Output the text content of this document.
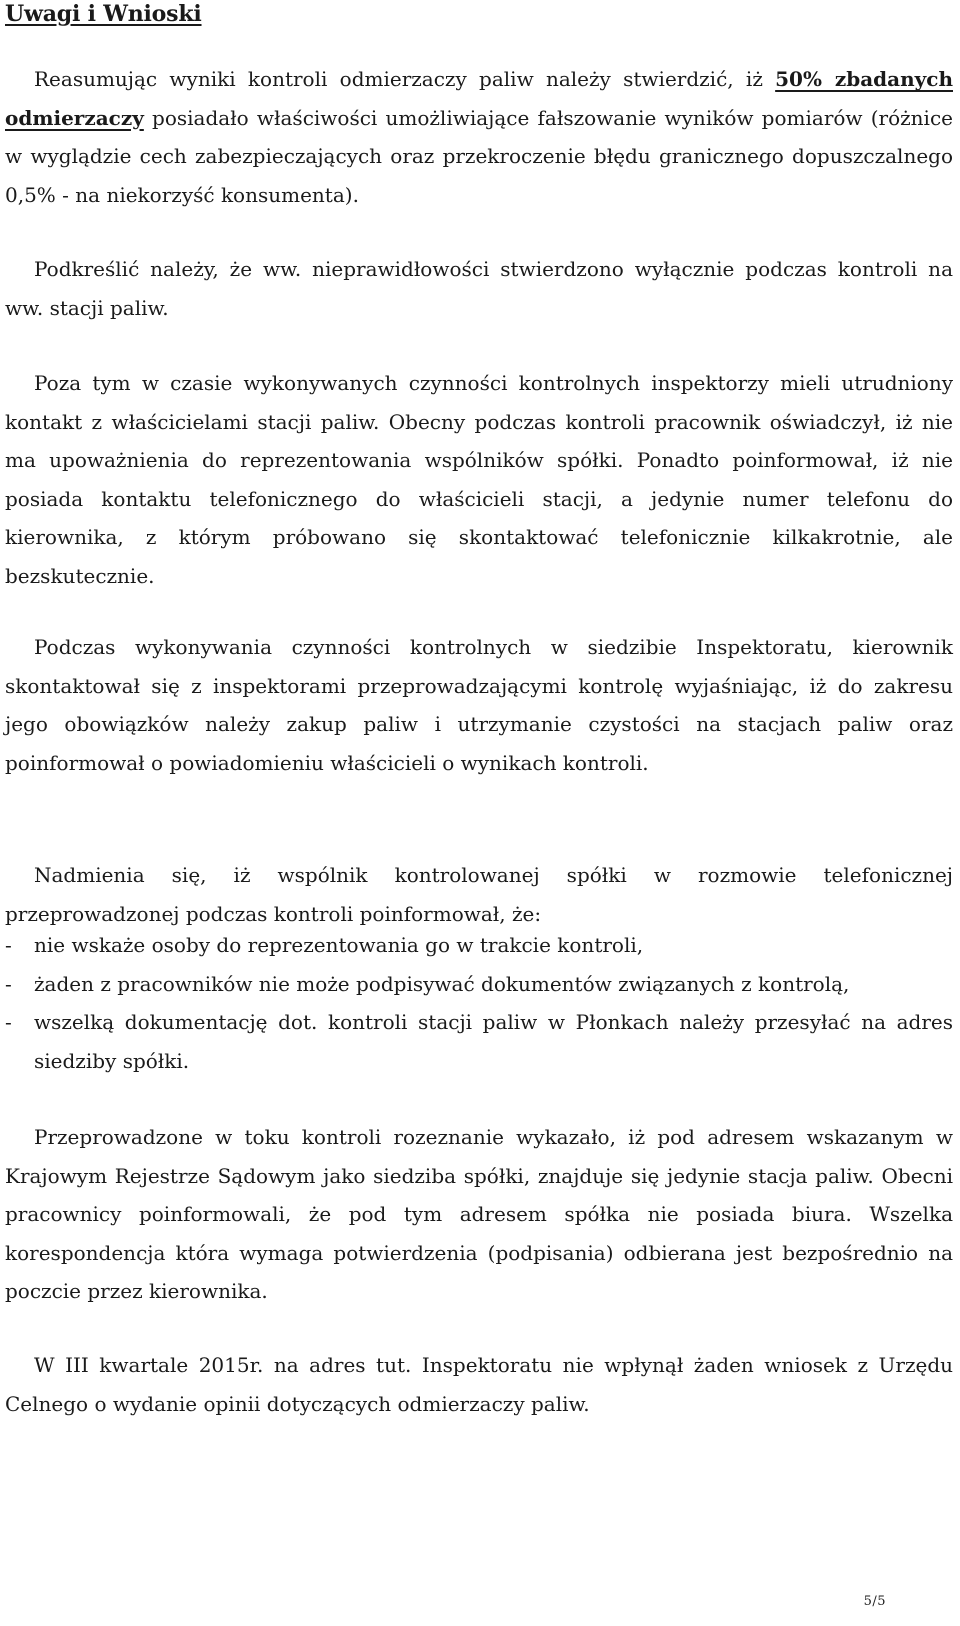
Uwagi i Wnioski

Reasumując wyniki kontroli odmierzaczy paliw należy stwierdzić, iż 50% zbadanych odmierzaczy posiadało właściwości umożliwiające fałszowanie wyników pomiarów (różnice w wyglądzie cech zabezpieczających oraz przekroczenie błędu granicznego dopuszczalnego 0,5% - na niekorzyść konsumenta).

Podkreślić należy, że ww. nieprawidłowości stwierdzono wyłącznie podczas kontroli na ww. stacji paliw.

Poza tym w czasie wykonywanych czynności kontrolnych inspektorzy mieli utrudniony kontakt z właścicielami stacji paliw. Obecny podczas kontroli pracownik oświadczył, iż nie ma upoważnienia do reprezentowania wspólników spółki. Ponadto poinformował, iż nie posiada kontaktu telefonicznego do właścicieli stacji, a jedynie numer telefonu do kierownika, z którym próbowano się skontaktować telefonicznie kilkakrotnie, ale bezskutecznie.

Podczas wykonywania czynności kontrolnych w siedzibie Inspektoratu, kierownik skontaktował się z inspektorami przeprowadzającymi kontrolę wyjaśniając, iż do zakresu jego obowiązków należy zakup paliw i utrzymanie czystości na stacjach paliw oraz poinformował o powiadomieniu właścicieli o wynikach kontroli.

Nadmienia się, iż wspólnik kontrolowanej spółki w rozmowie telefonicznej przeprowadzonej podczas kontroli poinformował, że:

- nie wskaże osoby do reprezentowania go w trakcie kontroli,
- żaden z pracowników nie może podpisywać dokumentów związanych z kontrolą,
- wszelką dokumentację dot. kontroli stacji paliw w Płonkach należy przesyłać na adres siedziby spółki.

Przeprowadzone w toku kontroli rozeznanie wykazało, iż pod adresem wskazanym w Krajowym Rejestrze Sądowym jako siedziba spółki, znajduje się jedynie stacja paliw. Obecni pracownicy poinformowali, że pod tym adresem spółka nie posiada biura. Wszelka korespondencja która wymaga potwierdzenia (podpisania) odbierana jest bezpośrednio na poczcie przez kierownika.

W III kwartale 2015r. na adres tut. Inspektoratu nie wpłynął żaden wniosek z Urzędu Celnego o wydanie opinii dotyczących odmierzaczy paliw.

5/5
